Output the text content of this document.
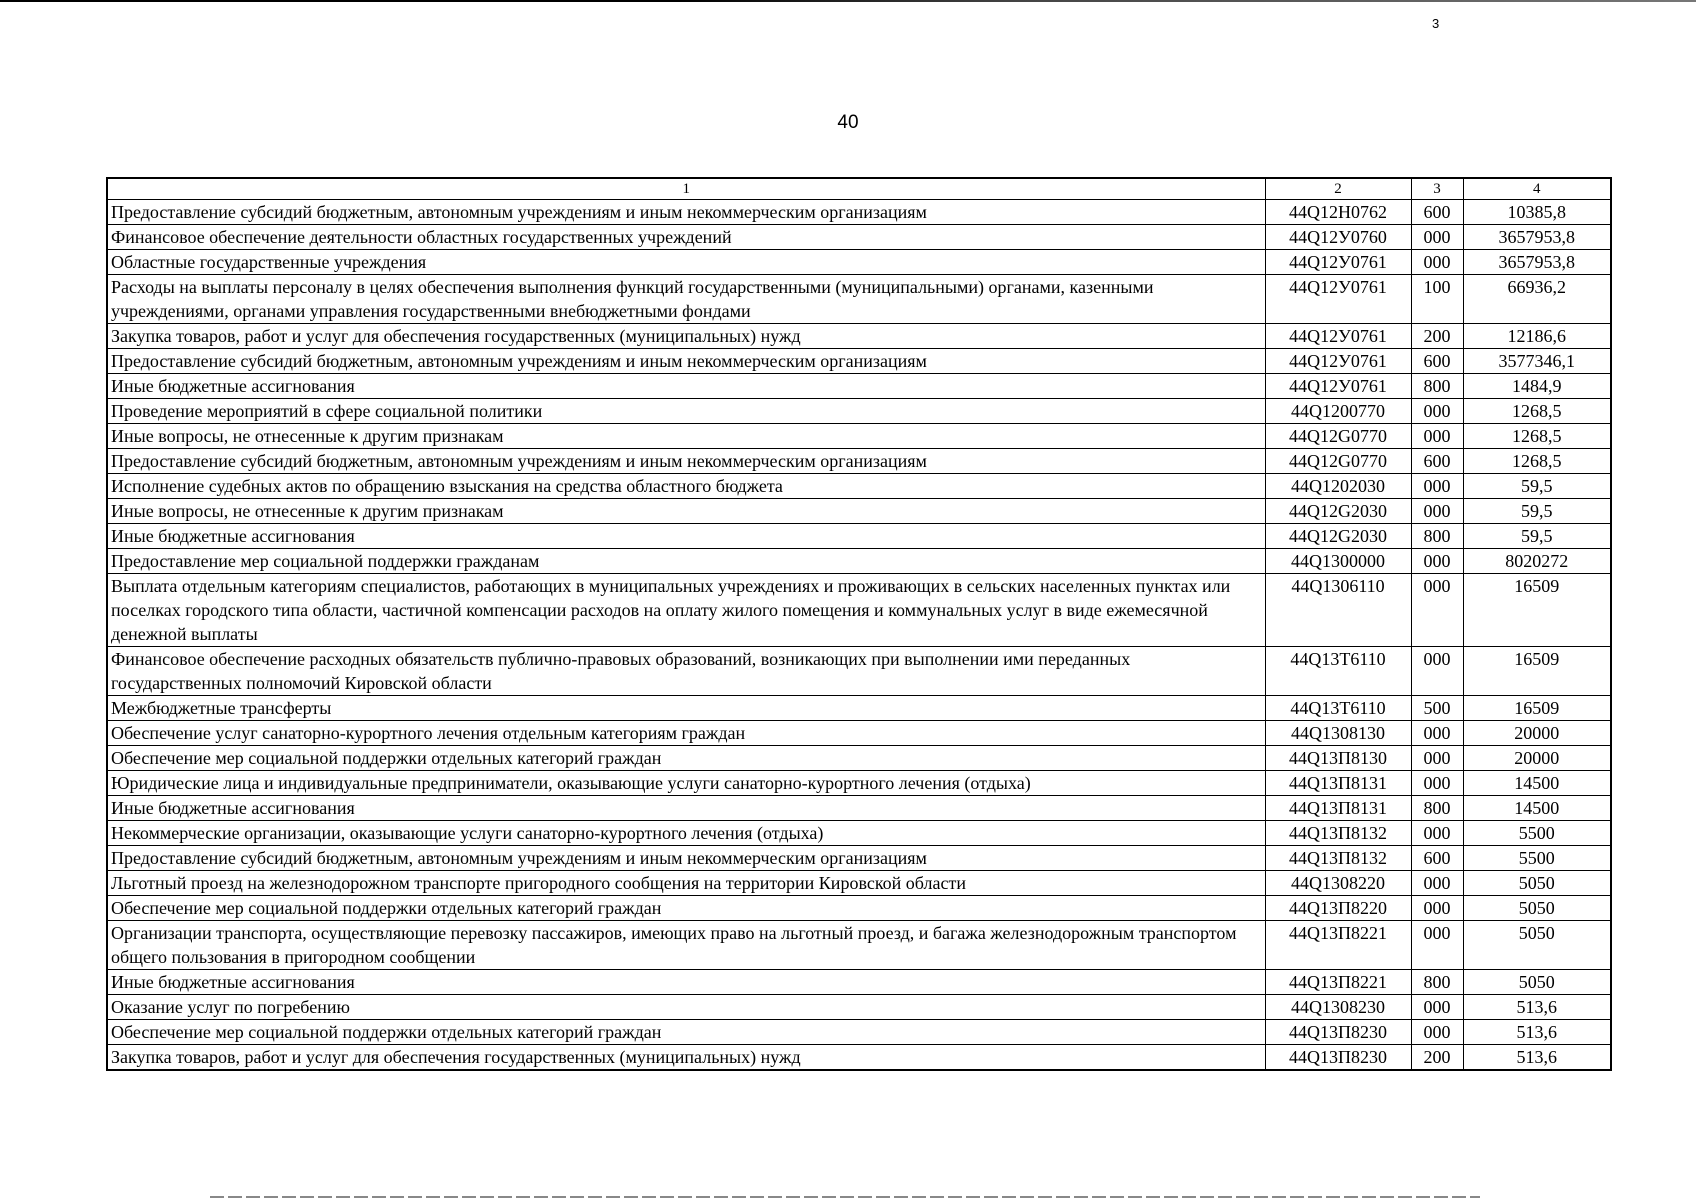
3
40
1	2	3	4
Предоставление субсидий бюджетным, автономным учреждениям и иным некоммерческим организациям	44Q12H0762	600	10385,8
Финансовое обеспечение деятельности областных государственных учреждений	44Q12У0760	000	3657953,8
Областные государственные учреждения	44Q12У0761	000	3657953,8
Расходы на выплаты персоналу в целях обеспечения выполнения функций государственными (муниципальными) органами, казенными учреждениями, органами управления государственными внебюджетными фондами	44Q12У0761	100	66936,2
Закупка товаров, работ и услуг для обеспечения государственных (муниципальных) нужд	44Q12У0761	200	12186,6
Предоставление субсидий бюджетным, автономным учреждениям и иным некоммерческим организациям	44Q12У0761	600	3577346,1
Иные бюджетные ассигнования	44Q12У0761	800	1484,9
Проведение мероприятий в сфере социальной политики	44Q1200770	000	1268,5
Иные вопросы, не отнесенные к другим признакам	44Q12G0770	000	1268,5
Предоставление субсидий бюджетным, автономным учреждениям и иным некоммерческим организациям	44Q12G0770	600	1268,5
Исполнение судебных актов по обращению взыскания на средства областного бюджета	44Q1202030	000	59,5
Иные вопросы, не отнесенные к другим признакам	44Q12G2030	000	59,5
Иные бюджетные ассигнования	44Q12G2030	800	59,5
Предоставление мер социальной поддержки гражданам	44Q1300000	000	8020272
Выплата отдельным категориям специалистов, работающих в муниципальных учреждениях и проживающих в сельских населенных пунктах или поселках городского типа области, частичной компенсации расходов на оплату жилого помещения и коммунальных услуг в виде ежемесячной денежной выплаты	44Q1306110	000	16509
Финансовое обеспечение расходных обязательств публично-правовых образований, возникающих при выполнении ими переданных государственных полномочий Кировской области	44Q13T6110	000	16509
Межбюджетные трансферты	44Q13T6110	500	16509
Обеспечение услуг санаторно-курортного лечения отдельным категориям граждан	44Q1308130	000	20000
Обеспечение мер социальной поддержки отдельных категорий граждан	44Q13П8130	000	20000
Юридические лица и индивидуальные предприниматели, оказывающие услуги санаторно-курортного лечения (отдыха)	44Q13П8131	000	14500
Иные бюджетные ассигнования	44Q13П8131	800	14500
Некоммерческие организации, оказывающие услуги санаторно-курортного лечения (отдыха)	44Q13П8132	000	5500
Предоставление субсидий бюджетным, автономным учреждениям и иным некоммерческим организациям	44Q13П8132	600	5500
Льготный проезд на железнодорожном транспорте пригородного сообщения на территории Кировской области	44Q1308220	000	5050
Обеспечение мер социальной поддержки отдельных категорий граждан	44Q13П8220	000	5050
Организации транспорта, осуществляющие перевозку пассажиров, имеющих право на льготный проезд, и багажа железнодорожным транспортом общего пользования в пригородном сообщении	44Q13П8221	000	5050
Иные бюджетные ассигнования	44Q13П8221	800	5050
Оказание услуг по погребению	44Q1308230	000	513,6
Обеспечение мер социальной поддержки отдельных категорий граждан	44Q13П8230	000	513,6
Закупка товаров, работ и услуг для обеспечения государственных (муниципальных) нужд	44Q13П8230	200	513,6
